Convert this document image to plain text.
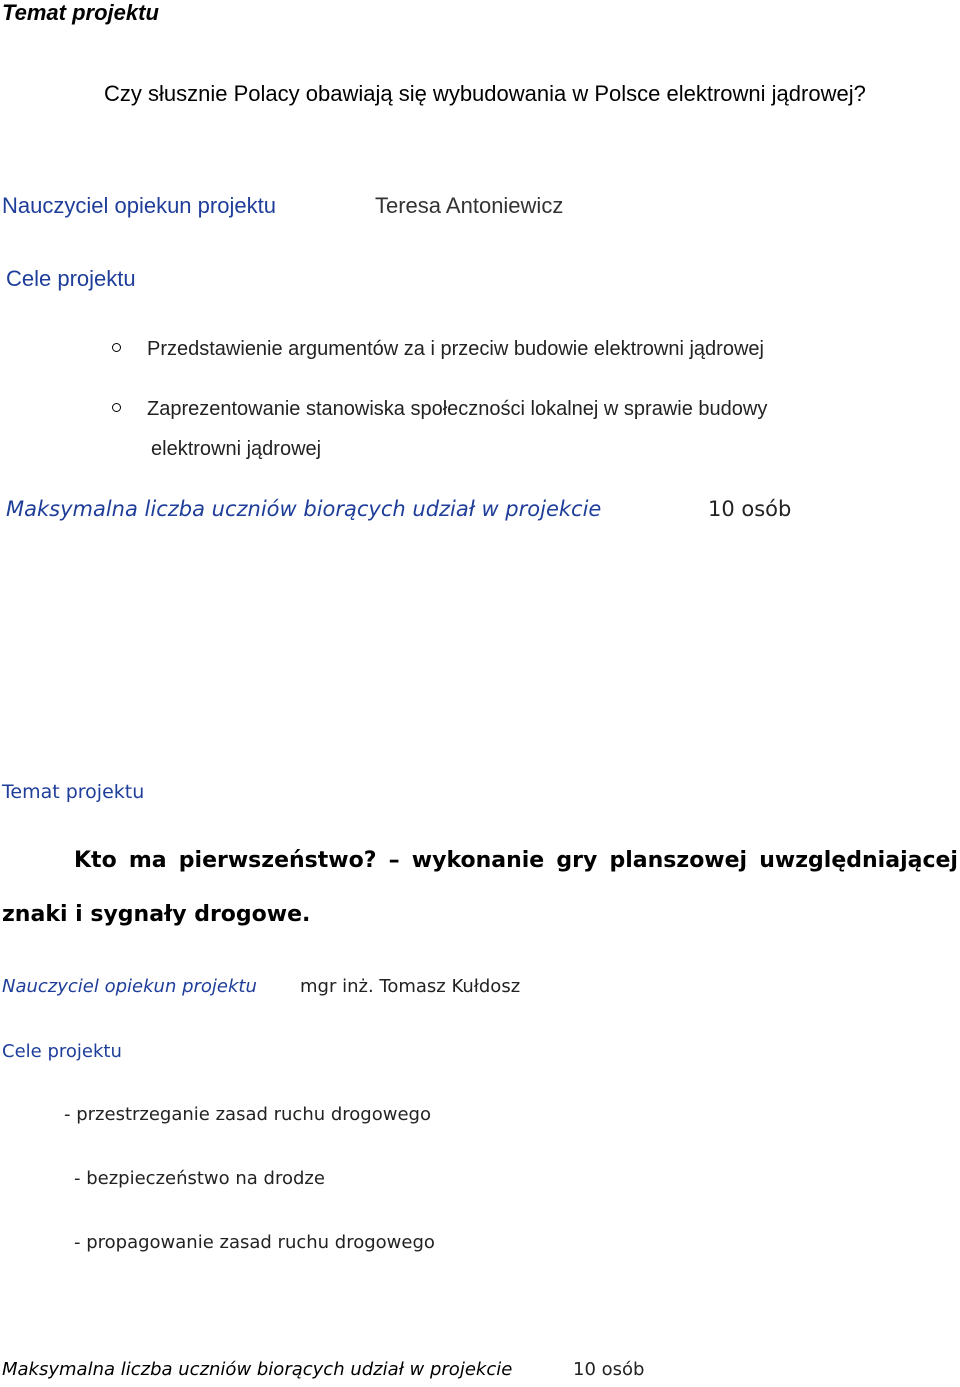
Temat projektu
Czy słusznie Polacy obawiają się wybudowania w Polsce elektrowni jądrowej?
Nauczyciel opiekun projektu	Teresa Antoniewicz
Cele projektu
Przedstawienie argumentów za i przeciw budowie elektrowni jądrowej
Zaprezentowanie stanowiska społeczności lokalnej w sprawie budowy
elektrowni jądrowej
Maksymalna liczba uczniów biorących udział w projekcie	10 osób
Temat projektu
Kto ma pierwszeństwo? – wykonanie gry planszowej uwzględniającej
znaki i sygnały drogowe.
Nauczyciel opiekun projektu mgr inż. Tomasz Kułdosz
Cele projektu
- przestrzeganie zasad ruchu drogowego
- bezpieczeństwo na drodze
- propagowanie zasad ruchu drogowego
Maksymalna liczba uczniów biorących udział w projekcie	10 osób
